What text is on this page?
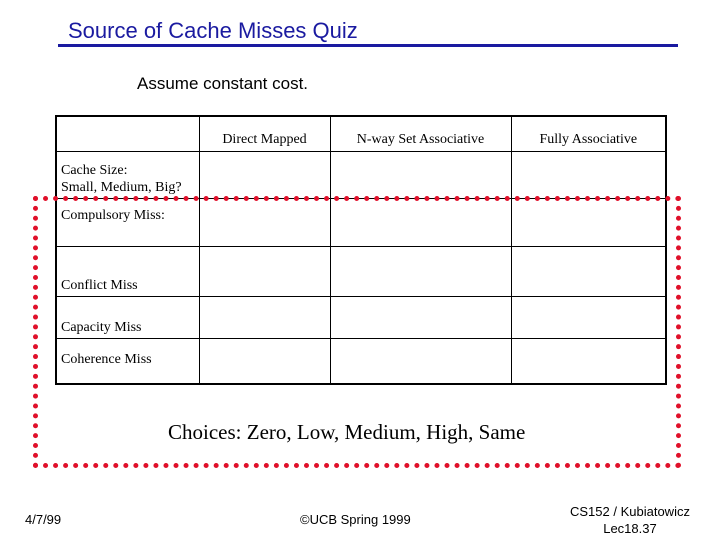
Source of Cache Misses Quiz
Assume constant cost.
	Direct Mapped	N-way Set Associative	Fully Associative
Cache Size:
Small, Medium, Big?			
Compulsory Miss:			
Conflict Miss			
Capacity Miss			
Coherence Miss			
Choices: Zero, Low, Medium, High, Same
4/7/99	©UCB Spring 1999
CS152 / Kubiatowicz
Lec18.37
